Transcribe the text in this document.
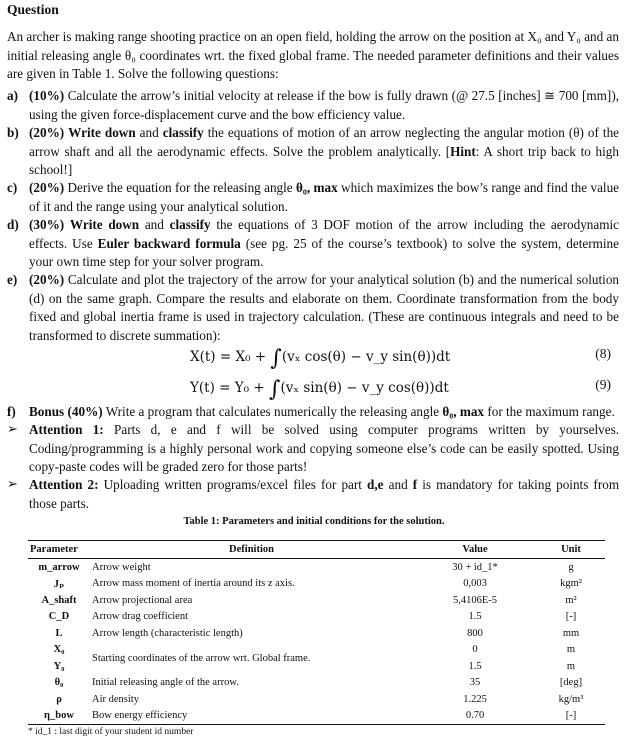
Question
An archer is making range shooting practice on an open field, holding the arrow on the position at X₀ and Y₀ and an initial releasing angle θ₀ coordinates wrt. the fixed global frame. The needed parameter definitions and their values are given in Table 1. Solve the following questions:
a) (10%) Calculate the arrow’s initial velocity at release if the bow is fully drawn (@ 27.5 [inches] ≅ 700 [mm]), using the given force-displacement curve and the bow efficiency value.
b) (20%) Write down and classify the equations of motion of an arrow neglecting the angular motion (θ) of the arrow shaft and all the aerodynamic effects. Solve the problem analytically. [Hint: A short trip back to high school!]
c) (20%) Derive the equation for the releasing angle θ₀, max which maximizes the bow’s range and find the value of it and the range using your analytical solution.
d) (30%) Write down and classify the equations of 3 DOF motion of the arrow including the aerodynamic effects. Use Euler backward formula (see pg. 25 of the course’s textbook) to solve the system, determine your own time step for your solver program.
e) (20%) Calculate and plot the trajectory of the arrow for your analytical solution (b) and the numerical solution (d) on the same graph. Compare the results and elaborate on them. Coordinate transformation from the body fixed and global inertia frame is used in trajectory calculation. (These are continuous integrals and need to be transformed to discrete summation):
X(t) = X₀ + ∫(vₓ cos(θ) − v_y sin(θ))dt	(8)
Y(t) = Y₀ + ∫(vₓ sin(θ) − v_y cos(θ))dt	(9)
f) Bonus (40%) Write a program that calculates numerically the releasing angle θ₀, max for the maximum range.
➢ Attention 1: Parts d, e and f will be solved using computer programs written by yourselves. Coding/programming is a highly personal work and copying someone else’s code can be easily spotted. Using copy-paste codes will be graded zero for those parts!
➢ Attention 2: Uploading written programs/excel files for part d,e and f is mandatory for taking points from those parts.
Table 1: Parameters and initial conditions for the solution.
Parameter	Definition	Value	Unit
m_arrow	Arrow weight	30 + id_1*	g
Jₚ	Arrow mass moment of inertia around its z axis.	0,003	kgm²
A_shaft	Arrow projectional area	5,4106E-5	m²
C_D	Arrow drag coefficient	1.5	[-]
L	Arrow length (characteristic length)	800	mm
X₀	Starting coordinates of the arrow wrt. Global frame.	0	m
Y₀		1.5	m
θ₀	Initial releasing angle of the arrow.	35	[deg]
ρ	Air density	1.225	kg/m³
η_bow	Bow energy efficiency	0.70	[-]
* id_1 : last digit of your student id number
